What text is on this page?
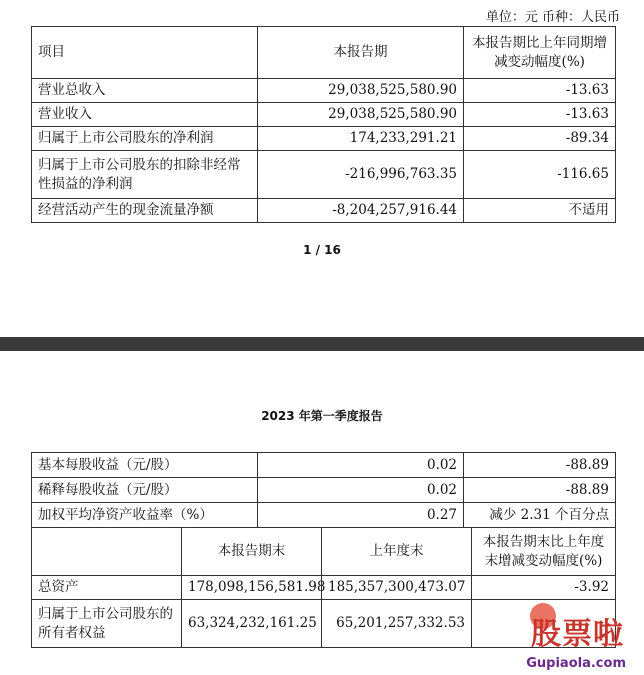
单位：元 币种：人民币
项目	本报告期	本报告期比上年同期增减变动幅度(%)
营业总收入	29,038,525,580.90	-13.63
营业收入	29,038,525,580.90	-13.63
归属于上市公司股东的净利润	174,233,291.21	-89.34
归属于上市公司股东的扣除非经常性损益的净利润	-216,996,763.35	-116.65
经营活动产生的现金流量净额	-8,204,257,916.44	不适用
1 / 16
2023 年第一季度报告
基本每股收益（元/股）	0.02	-88.89
稀释每股收益（元/股）	0.02	-88.89
加权平均净资产收益率（%）	0.27	减少 2.31 个百分点
	本报告期末	上年度末	本报告期末比上年度末增减变动幅度(%)
总资产	178,098,156,581.98	185,357,300,473.07	-3.92
归属于上市公司股东的所有者权益	63,324,232,161.25	65,201,257,332.53	股票啦
Gupiaola.com
